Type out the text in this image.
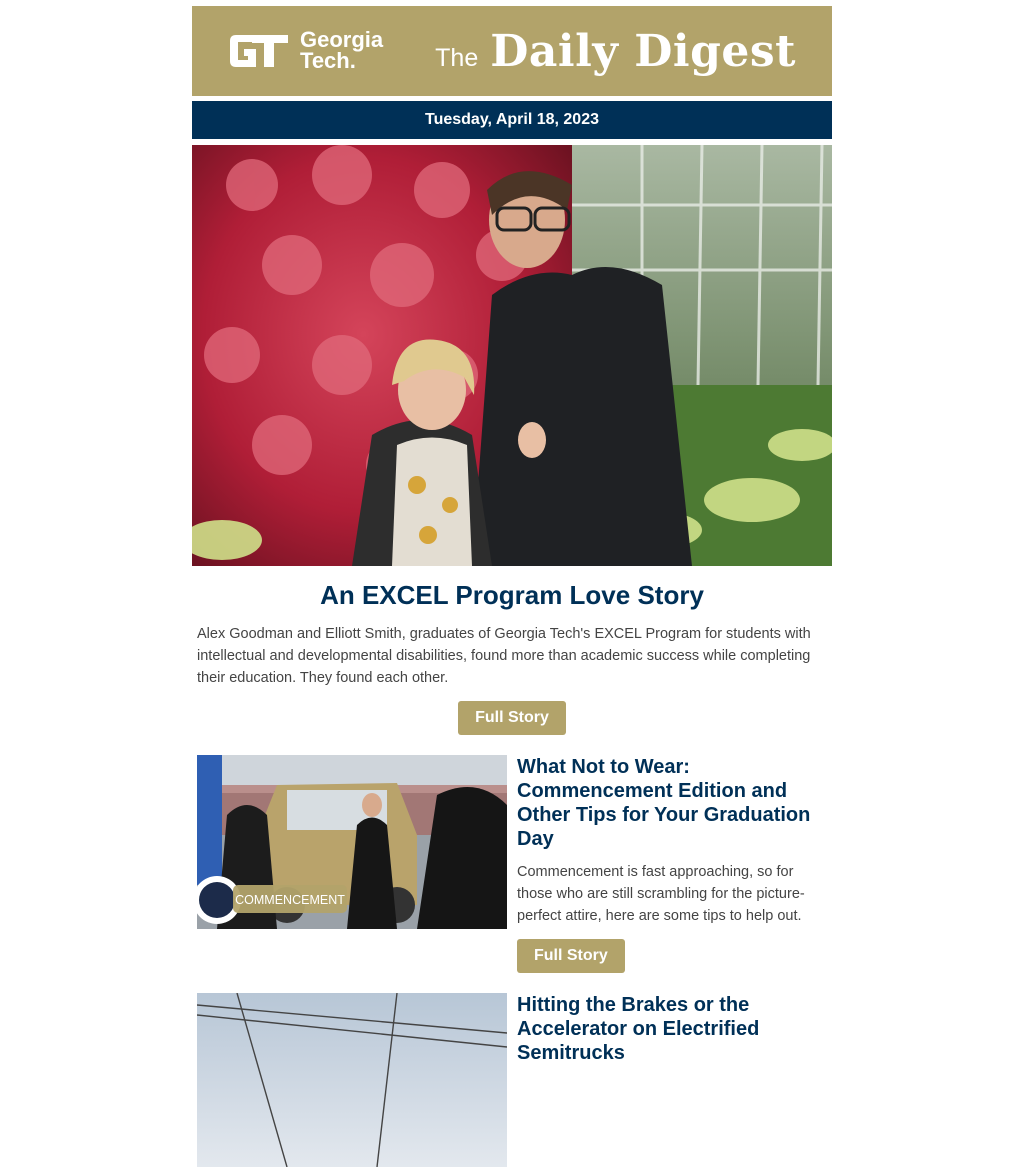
Georgia
Tech.	The Daily Digest
Tuesday, April 18, 2023
An EXCEL Program Love Story
Alex Goodman and Elliott Smith, graduates of Georgia Tech's EXCEL Program for students with intellectual and developmental disabilities, found more than academic success while completing their education. They found each other.
Full Story
COMMENCEMENT
What Not to Wear: Commencement Edition and Other Tips for Your Graduation Day

Commencement is fast approaching, so for those who are still scrambling for the picture-perfect attire, here are some tips to help out.

Full Story
Hitting the Brakes or the Accelerator on Electrified Semitrucks
